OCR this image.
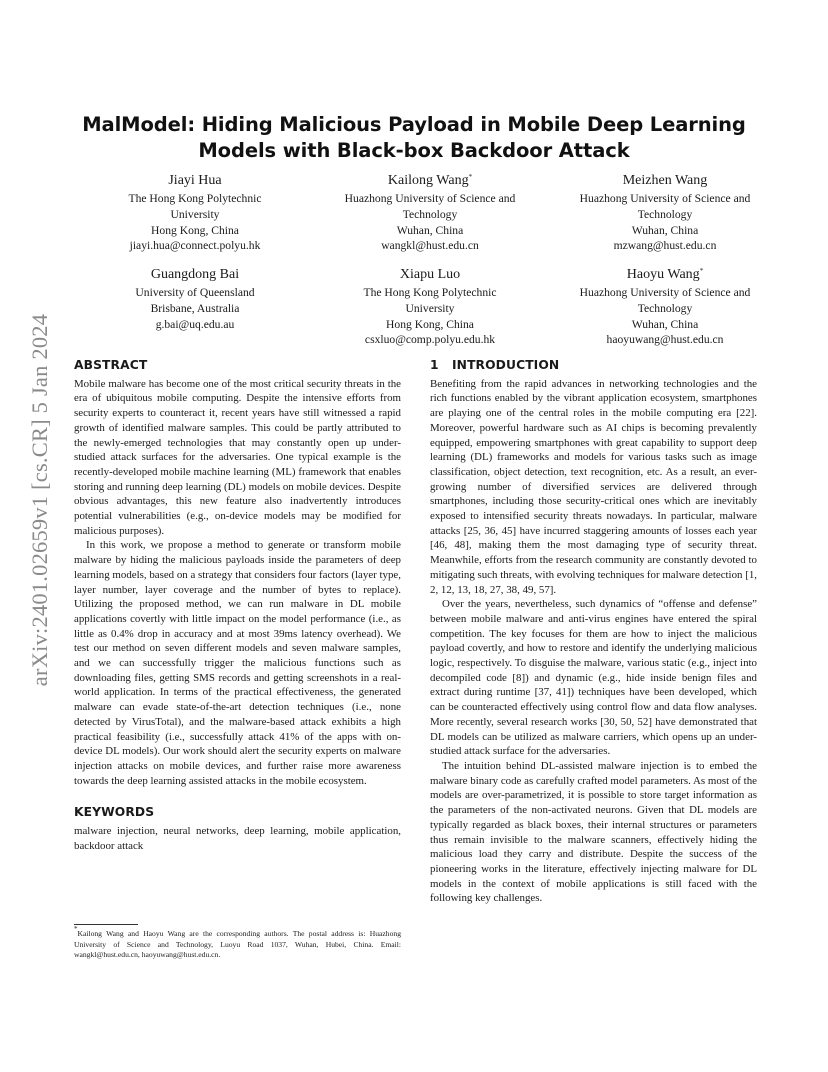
arXiv:2401.02659v1 [cs.CR] 5 Jan 2024
MalModel: Hiding Malicious Payload in Mobile Deep Learning
Models with Black-box Backdoor Attack
Jiayi Hua
The Hong Kong Polytechnic
University
Hong Kong, China
jiayi.hua@connect.polyu.hk
Kailong Wang*
Huazhong University of Science and
Technology
Wuhan, China
wangkl@hust.edu.cn
Meizhen Wang
Huazhong University of Science and
Technology
Wuhan, China
mzwang@hust.edu.cn
Guangdong Bai
University of Queensland
Brisbane, Australia
g.bai@uq.edu.au
Xiapu Luo
The Hong Kong Polytechnic
University
Hong Kong, China
csxluo@comp.polyu.edu.hk
Haoyu Wang*
Huazhong University of Science and
Technology
Wuhan, China
haoyuwang@hust.edu.cn
ABSTRACT

Mobile malware has become one of the most critical security threats in the era of ubiquitous mobile computing. Despite the intensive efforts from security experts to counteract it, recent years have still witnessed a rapid growth of identified malware samples. This could be partly attributed to the newly-emerged technologies that may constantly open up under-studied attack surfaces for the adversaries. One typical example is the recently-developed mobile machine learning (ML) framework that enables storing and running deep learning (DL) models on mobile devices. Despite obvious advantages, this new feature also inadvertently introduces potential vulnerabilities (e.g., on-device models may be modified for malicious purposes).

In this work, we propose a method to generate or transform mobile malware by hiding the malicious payloads inside the parameters of deep learning models, based on a strategy that considers four factors (layer type, layer number, layer coverage and the number of bytes to replace). Utilizing the proposed method, we can run malware in DL mobile applications covertly with little impact on the model performance (i.e., as little as 0.4% drop in accuracy and at most 39ms latency overhead). We test our method on seven different models and seven malware samples, and we can successfully trigger the malicious functions such as downloading files, getting SMS records and getting screenshots in a real-world application. In terms of the practical effectiveness, the generated malware can evade state-of-the-art detection techniques (i.e., none detected by VirusTotal), and the malware-based attack exhibits a high practical feasibility (i.e., successfully attack 41% of the apps with on-device DL models). Our work should alert the security experts on malware injection attacks on mobile devices, and further raise more awareness towards the deep learning assisted attacks in the mobile ecosystem.

KEYWORDS

malware injection, neural networks, deep learning, mobile application, backdoor attack

*Kailong Wang and Haoyu Wang are the corresponding authors. The postal address is: Huazhong University of Science and Technology, Luoyu Road 1037, Wuhan, Hubei, China. Email: wangkl@hust.edu.cn, haoyuwang@hust.edu.cn.

1 INTRODUCTION

Benefiting from the rapid advances in networking technologies and the rich functions enabled by the vibrant application ecosystem, smartphones are playing one of the central roles in the mobile computing era [22]. Moreover, powerful hardware such as AI chips is becoming prevalently equipped, empowering smartphones with great capability to support deep learning (DL) frameworks and models for various tasks such as image classification, object detection, text recognition, etc. As a result, an ever-growing number of diversified services are delivered through smartphones, including those security-critical ones which are inevitably exposed to intensified security threats nowadays. In particular, malware attacks [25, 36, 45] have incurred staggering amounts of losses each year [46, 48], making them the most damaging type of security threat. Meanwhile, efforts from the research community are constantly devoted to mitigating such threats, with evolving techniques for malware detection [1, 2, 12, 13, 18, 27, 38, 49, 57].

Over the years, nevertheless, such dynamics of “offense and defense” between mobile malware and anti-virus engines have entered the spiral competition. The key focuses for them are how to inject the malicious payload covertly, and how to restore and identify the underlying malicious logic, respectively. To disguise the malware, various static (e.g., inject into decompiled code [8]) and dynamic (e.g., hide inside benign files and extract during runtime [37, 41]) techniques have been developed, which can be counteracted effectively using control flow and data flow analyses. More recently, several research works [30, 50, 52] have demonstrated that DL models can be utilized as malware carriers, which opens up an under-studied attack surface for the adversaries.

The intuition behind DL-assisted malware injection is to embed the malware binary code as carefully crafted model parameters. As most of the models are over-parametrized, it is possible to store target information as the parameters of the non-activated neurons. Given that DL models are typically regarded as black boxes, their internal structures or parameters thus remain invisible to the malware scanners, effectively hiding the malicious load they carry and distribute. Despite the success of the pioneering works in the literature, effectively injecting malware for DL models in the context of mobile applications is still faced with the following key challenges.
